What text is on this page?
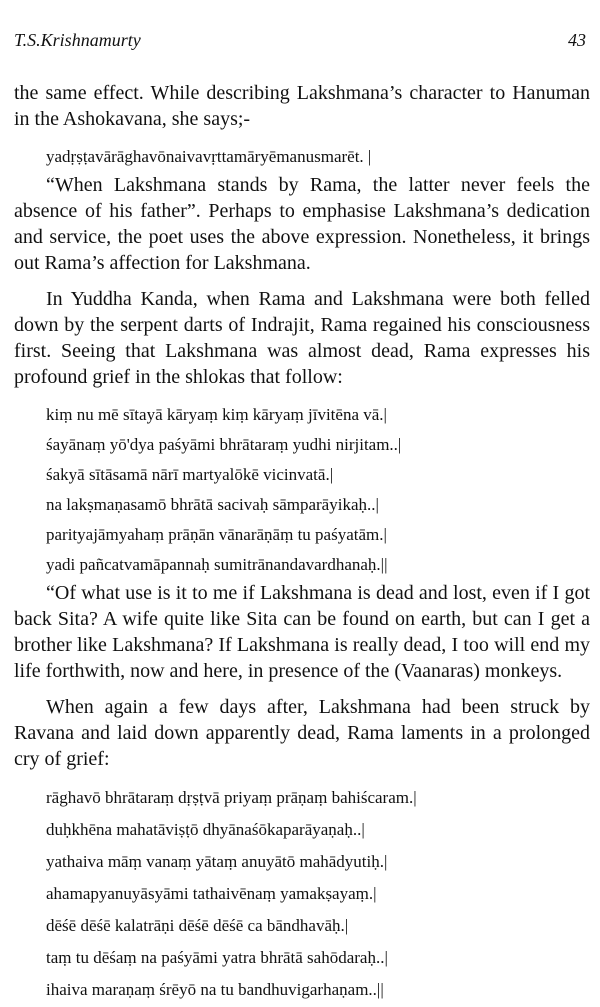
T.S.Krishnamurty	43

the same effect. While describing Lakshmana’s character to Hanuman in the Ashokavana, she says;-

yadṛṣṭavārāghavōnaivavṛttamāryēmanusmarēt. |

“When Lakshmana stands by Rama, the latter never feels the absence of his father”. Perhaps to emphasise Lakshmana’s dedication and service, the poet uses the above expression. Nonetheless, it brings out Rama’s affection for Lakshmana.

In Yuddha Kanda, when Rama and Lakshmana were both felled down by the serpent darts of Indrajit, Rama regained his consciousness first. Seeing that Lakshmana was almost dead, Rama expresses his profound grief in the shlokas that follow:

kiṃ nu mē sītayā kāryaṃ kiṃ kāryaṃ jīvitēna vā.|

śayānaṃ yō'dya paśyāmi bhrātaraṃ yudhi nirjitam..|

śakyā sītāsamā nārī martyalōkē vicinvatā.|

na lakṣmaṇasamō bhrātā sacivaḥ sāmparāyikaḥ..|

parityajāmyahaṃ prāṇān vānarāṇāṃ tu paśyatām.|

yadi pañcatvamāpannaḥ sumitrānandavardhanaḥ.||

“Of what use is it to me if Lakshmana is dead and lost, even if I got back Sita? A wife quite like Sita can be found on earth, but can I get a brother like Lakshmana? If Lakshmana is really dead, I too will end my life forthwith, now and here, in presence of the (Vaanaras) monkeys.

When again a few days after, Lakshmana had been struck by Ravana and laid down apparently dead, Rama laments in a prolonged cry of grief:

rāghavō bhrātaraṃ dṛṣṭvā priyaṃ prāṇaṃ bahiścaram.|

duḥkhēna mahatāviṣṭō dhyānaśōkaparāyaṇaḥ..|

yathaiva māṃ vanaṃ yātaṃ anuyātō mahādyutiḥ.|

ahamapyanuyāsyāmi tathaivēnaṃ yamakṣayaṃ.|

dēśē dēśē kalatrāṇi dēśē dēśē ca bāndhavāḥ.|

taṃ tu dēśaṃ na paśyāmi yatra bhrātā sahōdaraḥ..|

ihaiva maraṇaṃ śrēyō na tu bandhuvigarhaṇam..||
